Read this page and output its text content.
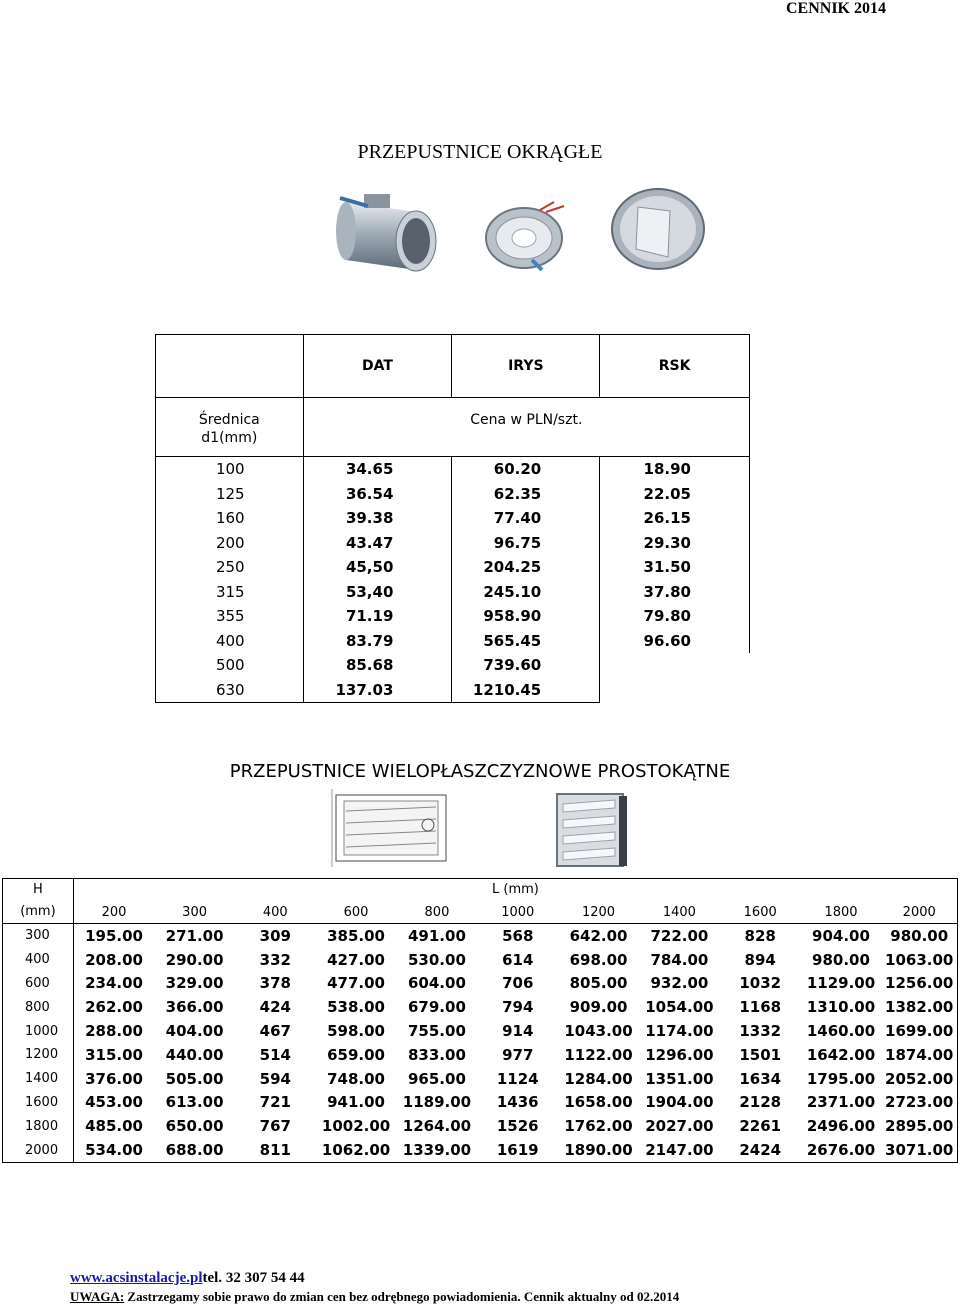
CENNIK 2014
PRZEPUSTNICE OKRĄGŁE
	DAT	IRYS	RSK
Średnica
d1(mm)	Cena w PLN/szt.		
100	34.65	60.20	18.90
125	36.54	62.35	22.05
160	39.38	77.40	26.15
200	43.47	96.75	29.30
250	45,50	204.25	31.50
315	53,40	245.10	37.80
355	71.19	958.90	79.80
400	83.79	565.45	96.60
500	85.68	739.60	
630	137.03	1210.45	
PRZEPUSTNICE WIELOPŁASZCZYZNOWE PROSTOKĄTNE
H
(mm)	L (mm)										
	200	300	400	600	800	1000	1200	1400	1600	1800	2000
300	195.00	271.00	309	385.00	491.00	568	642.00	722.00	828	904.00	980.00
400	208.00	290.00	332	427.00	530.00	614	698.00	784.00	894	980.00	1063.00
600	234.00	329.00	378	477.00	604.00	706	805.00	932.00	1032	1129.00	1256.00
800	262.00	366.00	424	538.00	679.00	794	909.00	1054.00	1168	1310.00	1382.00
1000	288.00	404.00	467	598.00	755.00	914	1043.00	1174.00	1332	1460.00	1699.00
1200	315.00	440.00	514	659.00	833.00	977	1122.00	1296.00	1501	1642.00	1874.00
1400	376.00	505.00	594	748.00	965.00	1124	1284.00	1351.00	1634	1795.00	2052.00
1600	453.00	613.00	721	941.00	1189.00	1436	1658.00	1904.00	2128	2371.00	2723.00
1800	485.00	650.00	767	1002.00	1264.00	1526	1762.00	2027.00	2261	2496.00	2895.00
2000	534.00	688.00	811	1062.00	1339.00	1619	1890.00	2147.00	2424	2676.00	3071.00
www.acsinstalacje.pltel. 32 307 54 44
UWAGA: Zastrzegamy sobie prawo do zmian cen bez odrębnego powiadomienia. Cennik aktualny od 02.2014
